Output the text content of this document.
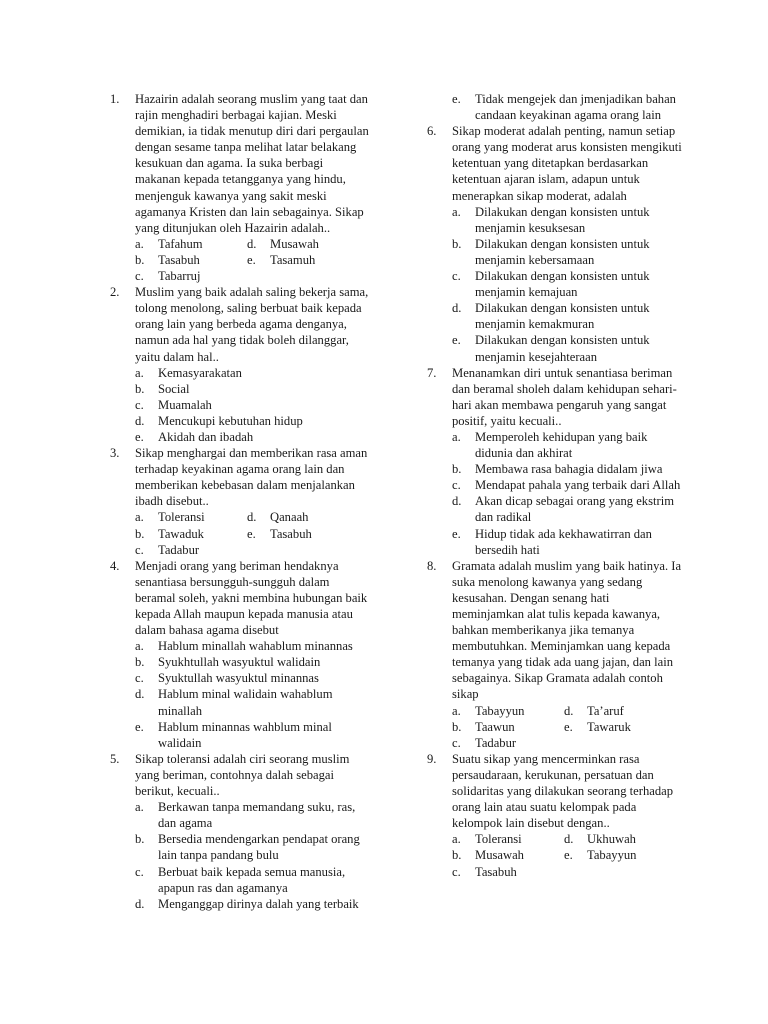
1.	Hazairin adalah seorang muslim yang taat dan rajin menghadiri berbagai kajian. Meski demikian, ia tidak menutup diri dari pergaulan dengan sesame tanpa melihat latar belakang kesukuan dan agama. Ia suka berbagi makanan kepada tetangganya yang hindu, menjenguk kawanya yang sakit meski agamanya Kristen dan lain sebagainya. Sikap yang ditunjukan oleh Hazairin adalah..
a.	Tafahum	d.	Musawah
b.	Tasabuh	e.	Tasamuh
c.	Tabarruj
2.	Muslim yang baik adalah saling bekerja sama, tolong menolong, saling berbuat baik kepada orang lain yang berbeda agama denganya, namun ada hal yang tidak boleh dilanggar, yaitu dalam hal..
a.	Kemasyarakatan
b.	Social
c.	Muamalah
d.	Mencukupi kebutuhan hidup
e.	Akidah dan ibadah
3.	Sikap menghargai dan memberikan rasa aman terhadap keyakinan agama orang lain dan memberikan kebebasan dalam menjalankan ibadh disebut..
a.	Toleransi	d.	Qanaah
b.	Tawaduk	e.	Tasabuh
c.	Tadabur
4.	Menjadi orang yang beriman hendaknya senantiasa bersungguh-sungguh dalam beramal soleh, yakni membina hubungan baik kepada Allah maupun kepada manusia atau dalam bahasa agama disebut
a.	Hablum minallah wahablum minannas
b.	Syukhtullah wasyuktul walidain
c.	Syuktullah wasyuktul minannas
d.	Hablum minal walidain wahablum minallah
e.	Hablum minannas wahblum minal walidain
5.	Sikap toleransi adalah ciri seorang muslim yang beriman, contohnya dalah sebagai berikut, kecuali..
a.	Berkawan tanpa memandang suku, ras, dan agama
b.	Bersedia mendengarkan pendapat orang lain tanpa pandang bulu
c.	Berbuat baik kepada semua manusia, apapun ras dan agamanya
d.	Menganggap dirinya dalah yang terbaik
e.	Tidak mengejek dan jmenjadikan bahan candaan keyakinan agama orang lain
6.	Sikap moderat adalah penting, namun setiap orang yang moderat arus konsisten mengikuti ketentuan yang ditetapkan berdasarkan ketentuan ajaran islam, adapun untuk menerapkan sikap moderat, adalah
a.	Dilakukan dengan konsisten untuk menjamin kesuksesan
b.	Dilakukan dengan konsisten untuk menjamin kebersamaan
c.	Dilakukan dengan konsisten untuk menjamin kemajuan
d.	Dilakukan dengan konsisten untuk menjamin kemakmuran
e.	Dilakukan dengan konsisten untuk menjamin kesejahteraan
7.	Menanamkan diri untuk senantiasa beriman dan beramal sholeh dalam kehidupan sehari-hari akan membawa pengaruh yang sangat positif, yaitu kecuali..
a.	Memperoleh kehidupan yang baik didunia dan akhirat
b.	Membawa rasa bahagia didalam jiwa
c.	Mendapat pahala yang terbaik dari Allah
d.	Akan dicap sebagai orang yang ekstrim dan radikal
e.	Hidup tidak ada kekhawatirran dan bersedih hati
8.	Gramata adalah muslim yang baik hatinya. Ia suka menolong kawanya yang sedang kesusahan. Dengan senang hati meminjamkan alat tulis kepada kawanya, bahkan memberikanya jika temanya membutuhkan. Meminjamkan uang kepada temanya yang tidak ada uang jajan, dan lain sebagainya. Sikap Gramata adalah contoh sikap
a.	Tabayyun	d.	Ta’aruf
b.	Taawun	e.	Tawaruk
c.	Tadabur
9.	Suatu sikap yang mencerminkan rasa persaudaraan, kerukunan, persatuan dan solidaritas yang dilakukan seorang terhadap orang lain atau suatu kelompak pada kelompok lain disebut dengan..
a.	Toleransi	d.	Ukhuwah
b.	Musawah	e.	Tabayyun
c.	Tasabuh
